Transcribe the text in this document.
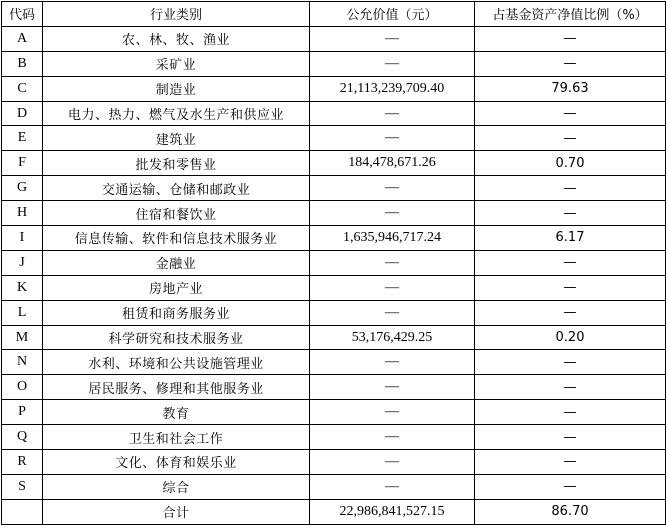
代码	行业类别	公允价值（元）	占基金资产净值比例（%）
A	农、林、牧、渔业	—	—
B	采矿业	—	—
C	制造业	21,113,239,709.40	79.63
D	电力、热力、燃气及水生产和供应业	—	—
E	建筑业	—	—
F	批发和零售业	184,478,671.26	0.70
G	交通运输、仓储和邮政业	—	—
H	住宿和餐饮业	—	—
I	信息传输、软件和信息技术服务业	1,635,946,717.24	6.17
J	金融业	—	—
K	房地产业	—	—
L	租赁和商务服务业	—	—
M	科学研究和技术服务业	53,176,429.25	0.20
N	水利、环境和公共设施管理业	—	—
O	居民服务、修理和其他服务业	—	—
P	教育	—	—
Q	卫生和社会工作	—	—
R	文化、体育和娱乐业	—	—
S	综合	—	—
	合计	22,986,841,527.15	86.70
